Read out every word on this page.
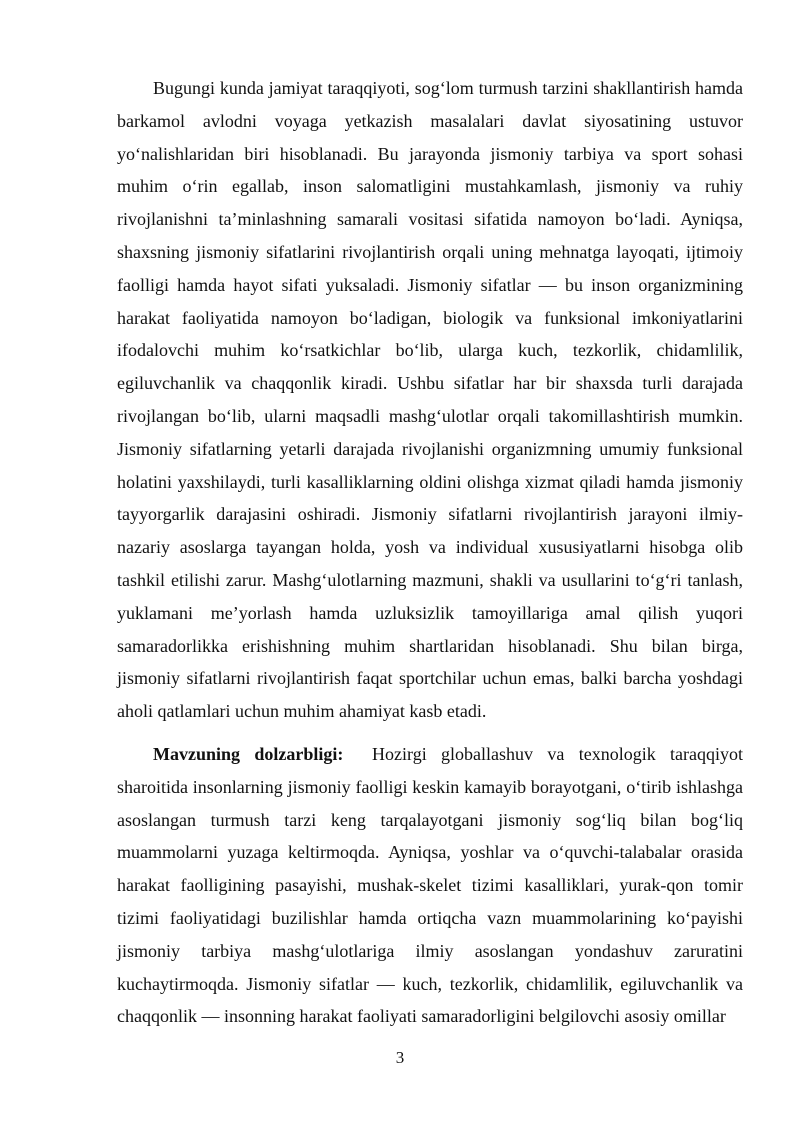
Bugungi kunda jamiyat taraqqiyoti, sog‘lom turmush tarzini shakllantirish hamda barkamol avlodni voyaga yetkazish masalalari davlat siyosatining ustuvor yo‘nalishlaridan biri hisoblanadi. Bu jarayonda jismoniy tarbiya va sport sohasi muhim o‘rin egallab, inson salomatligini mustahkamlash, jismoniy va ruhiy rivojlanishni ta’minlashning samarali vositasi sifatida namoyon bo‘ladi. Ayniqsa, shaxsning jismoniy sifatlarini rivojlantirish orqali uning mehnatga layoqati, ijtimoiy faolligi hamda hayot sifati yuksaladi. Jismoniy sifatlar — bu inson organizmining harakat faoliyatida namoyon bo‘ladigan, biologik va funksional imkoniyatlarini ifodalovchi muhim ko‘rsatkichlar bo‘lib, ularga kuch, tezkorlik, chidamlilik, egiluvchanlik va chaqqonlik kiradi. Ushbu sifatlar har bir shaxsda turli darajada rivojlangan bo‘lib, ularni maqsadli mashg‘ulotlar orqali takomillashtirish mumkin. Jismoniy sifatlarning yetarli darajada rivojlanishi organizmning umumiy funksional holatini yaxshilaydi, turli kasalliklarning oldini olishga xizmat qiladi hamda jismoniy tayyorgarlik darajasini oshiradi. Jismoniy sifatlarni rivojlantirish jarayoni ilmiy-nazariy asoslarga tayangan holda, yosh va individual xususiyatlarni hisobga olib tashkil etilishi zarur. Mashg‘ulotlarning mazmuni, shakli va usullarini to‘g‘ri tanlash, yuklamani me’yorlash hamda uzluksizlik tamoyillariga amal qilish yuqori samaradorlikka erishishning muhim shartlaridan hisoblanadi. Shu bilan birga, jismoniy sifatlarni rivojlantirish faqat sportchilar uchun emas, balki barcha yoshdagi aholi qatlamlari uchun muhim ahamiyat kasb etadi.

Mavzuning dolzarbligi: Hozirgi globallashuv va texnologik taraqqiyot sharoitida insonlarning jismoniy faolligi keskin kamayib borayotgani, o‘tirib ishlashga asoslangan turmush tarzi keng tarqalayotgani jismoniy sog‘liq bilan bog‘liq muammolarni yuzaga keltirmoqda. Ayniqsa, yoshlar va o‘quvchi-talabalar orasida harakat faolligining pasayishi, mushak-skelet tizimi kasalliklari, yurak-qon tomir tizimi faoliyatidagi buzilishlar hamda ortiqcha vazn muammolarining ko‘payishi jismoniy tarbiya mashg‘ulotlariga ilmiy asoslangan yondashuv zaruratini kuchaytirmoqda. Jismoniy sifatlar — kuch, tezkorlik, chidamlilik, egiluvchanlik va chaqqonlik — insonning harakat faoliyati samaradorligini belgilovchi asosiy omillar

3
